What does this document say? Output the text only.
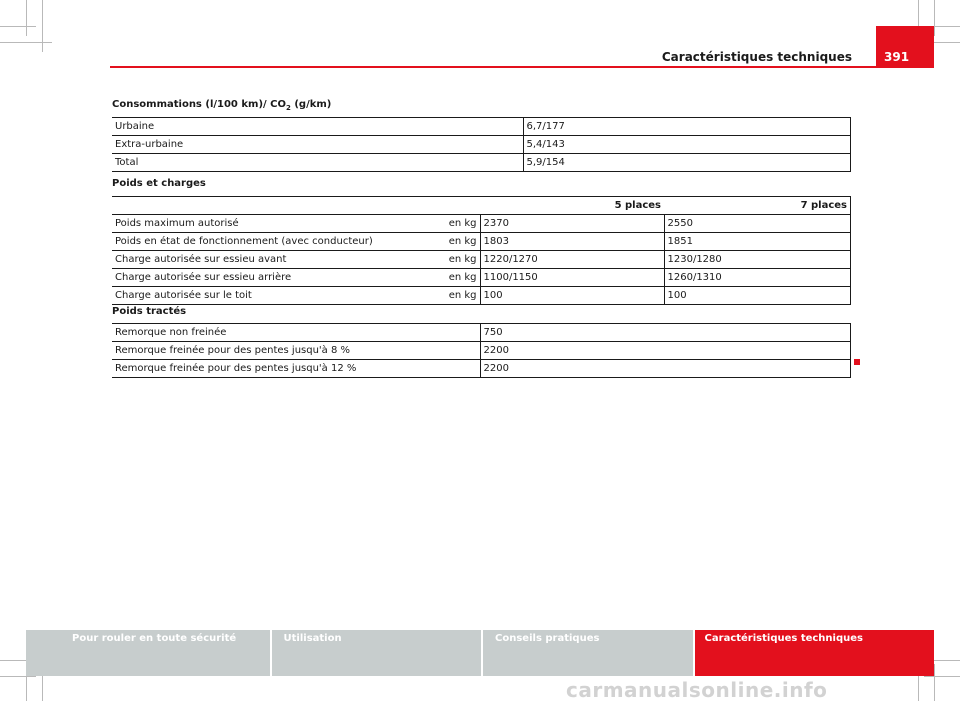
Caractéristiques techniques	391
Consommations (l/100 km)/ $CO_2$ (g/km)
Urbaine	6,7/177
Extra-urbaine	5,4/143
Total	5,9/154
Poids et charges
		5 places	7 places
Poids maximum autorisé	en kg	2370	2550
Poids en état de fonctionnement (avec conducteur)	en kg	1803	1851
Charge autorisée sur essieu avant	en kg	1220/1270	1230/1280
Charge autorisée sur essieu arrière	en kg	1100/1150	1260/1310
Charge autorisée sur le toit	en kg	100	100
Poids tractés
Remorque non freinée	750
Remorque freinée pour des pentes jusqu'à 8 %	2200
Remorque freinée pour des pentes jusqu'à 12 %	2200
Pour rouler en toute sécurité	Utilisation	Conseils pratiques	Caractéristiques techniques
carmanualsonline.info
